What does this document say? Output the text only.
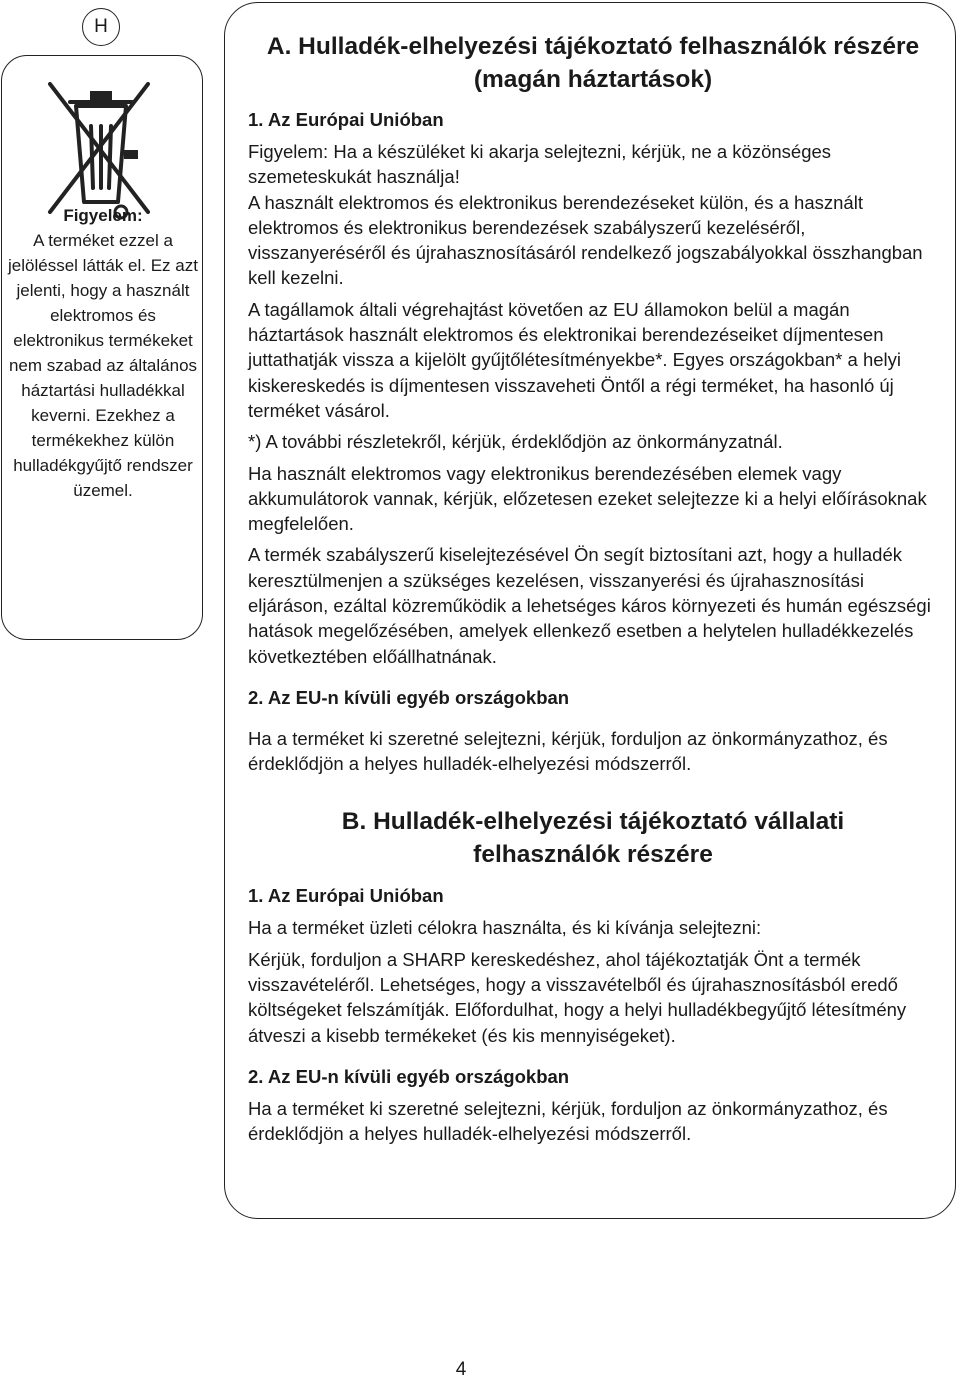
H
Figyelem:
A terméket ezzel a jelöléssel látták el. Ez azt jelenti, hogy a használt elektromos és elektronikus termékeket nem szabad az általános háztartási hulladékkal keverni. Ezekhez a termékekhez külön hulladékgyűjtő rendszer üzemel.
A. Hulladék-elhelyezési tájékoztató felhasználók részére (magán háztartások)
1. Az Európai Unióban

Figyelem: Ha a készüléket ki akarja selejtezni, kérjük, ne a közönséges szemeteskukát használja!

A használt elektromos és elektronikus berendezéseket külön, és a használt elektromos és elektronikus berendezések szabályszerű kezeléséről, visszanyeréséről és újrahasznosításáról rendelkező jogszabályokkal összhangban kell kezelni.

A tagállamok általi végrehajtást követően az EU államokon belül a magán háztartások használt elektromos és elektronikai berendezéseiket díjmentesen juttathatják vissza a kijelölt gyűjtőlétesítményekbe*. Egyes országokban* a helyi kiskereskedés is díjmentesen visszaveheti Öntől a régi terméket, ha hasonló új terméket vásárol.

*) A további részletekről, kérjük, érdeklődjön az önkormányzatnál.

Ha használt elektromos vagy elektronikus berendezésében elemek vagy akkumulátorok vannak, kérjük, előzetesen ezeket selejtezze ki a helyi előírásoknak megfelelően.

A termék szabályszerű kiselejtezésével Ön segít biztosítani azt, hogy a hulladék keresztülmenjen a szükséges kezelésen, visszanyerési és újrahasznosítási eljáráson, ezáltal közreműködik a lehetséges káros környezeti és humán egészségi hatások megelőzésében, amelyek ellenkező esetben a helytelen hulladékkezelés következtében előállhatnának.

2. Az EU-n kívüli egyéb országokban

Ha a terméket ki szeretné selejtezni, kérjük, forduljon az önkormányzathoz, és érdeklődjön a helyes hulladék-elhelyezési módszerről.

B. Hulladék-elhelyezési tájékoztató vállalati felhasználók részére
1. Az Európai Unióban

Ha a terméket üzleti célokra használta, és ki kívánja selejtezni:

Kérjük, forduljon a SHARP kereskedéshez, ahol tájékoztatják Önt a termék visszavételéről. Lehetséges, hogy a visszavételből és újrahasznosításból eredő költségeket felszámítják. Előfordulhat, hogy a helyi hulladékbegyűjtő létesítmény átveszi a kisebb termékeket (és kis mennyiségeket).

2. Az EU-n kívüli egyéb országokban

Ha a terméket ki szeretné selejtezni, kérjük, forduljon az önkormányzathoz, és érdeklődjön a helyes hulladék-elhelyezési módszerről.

4
